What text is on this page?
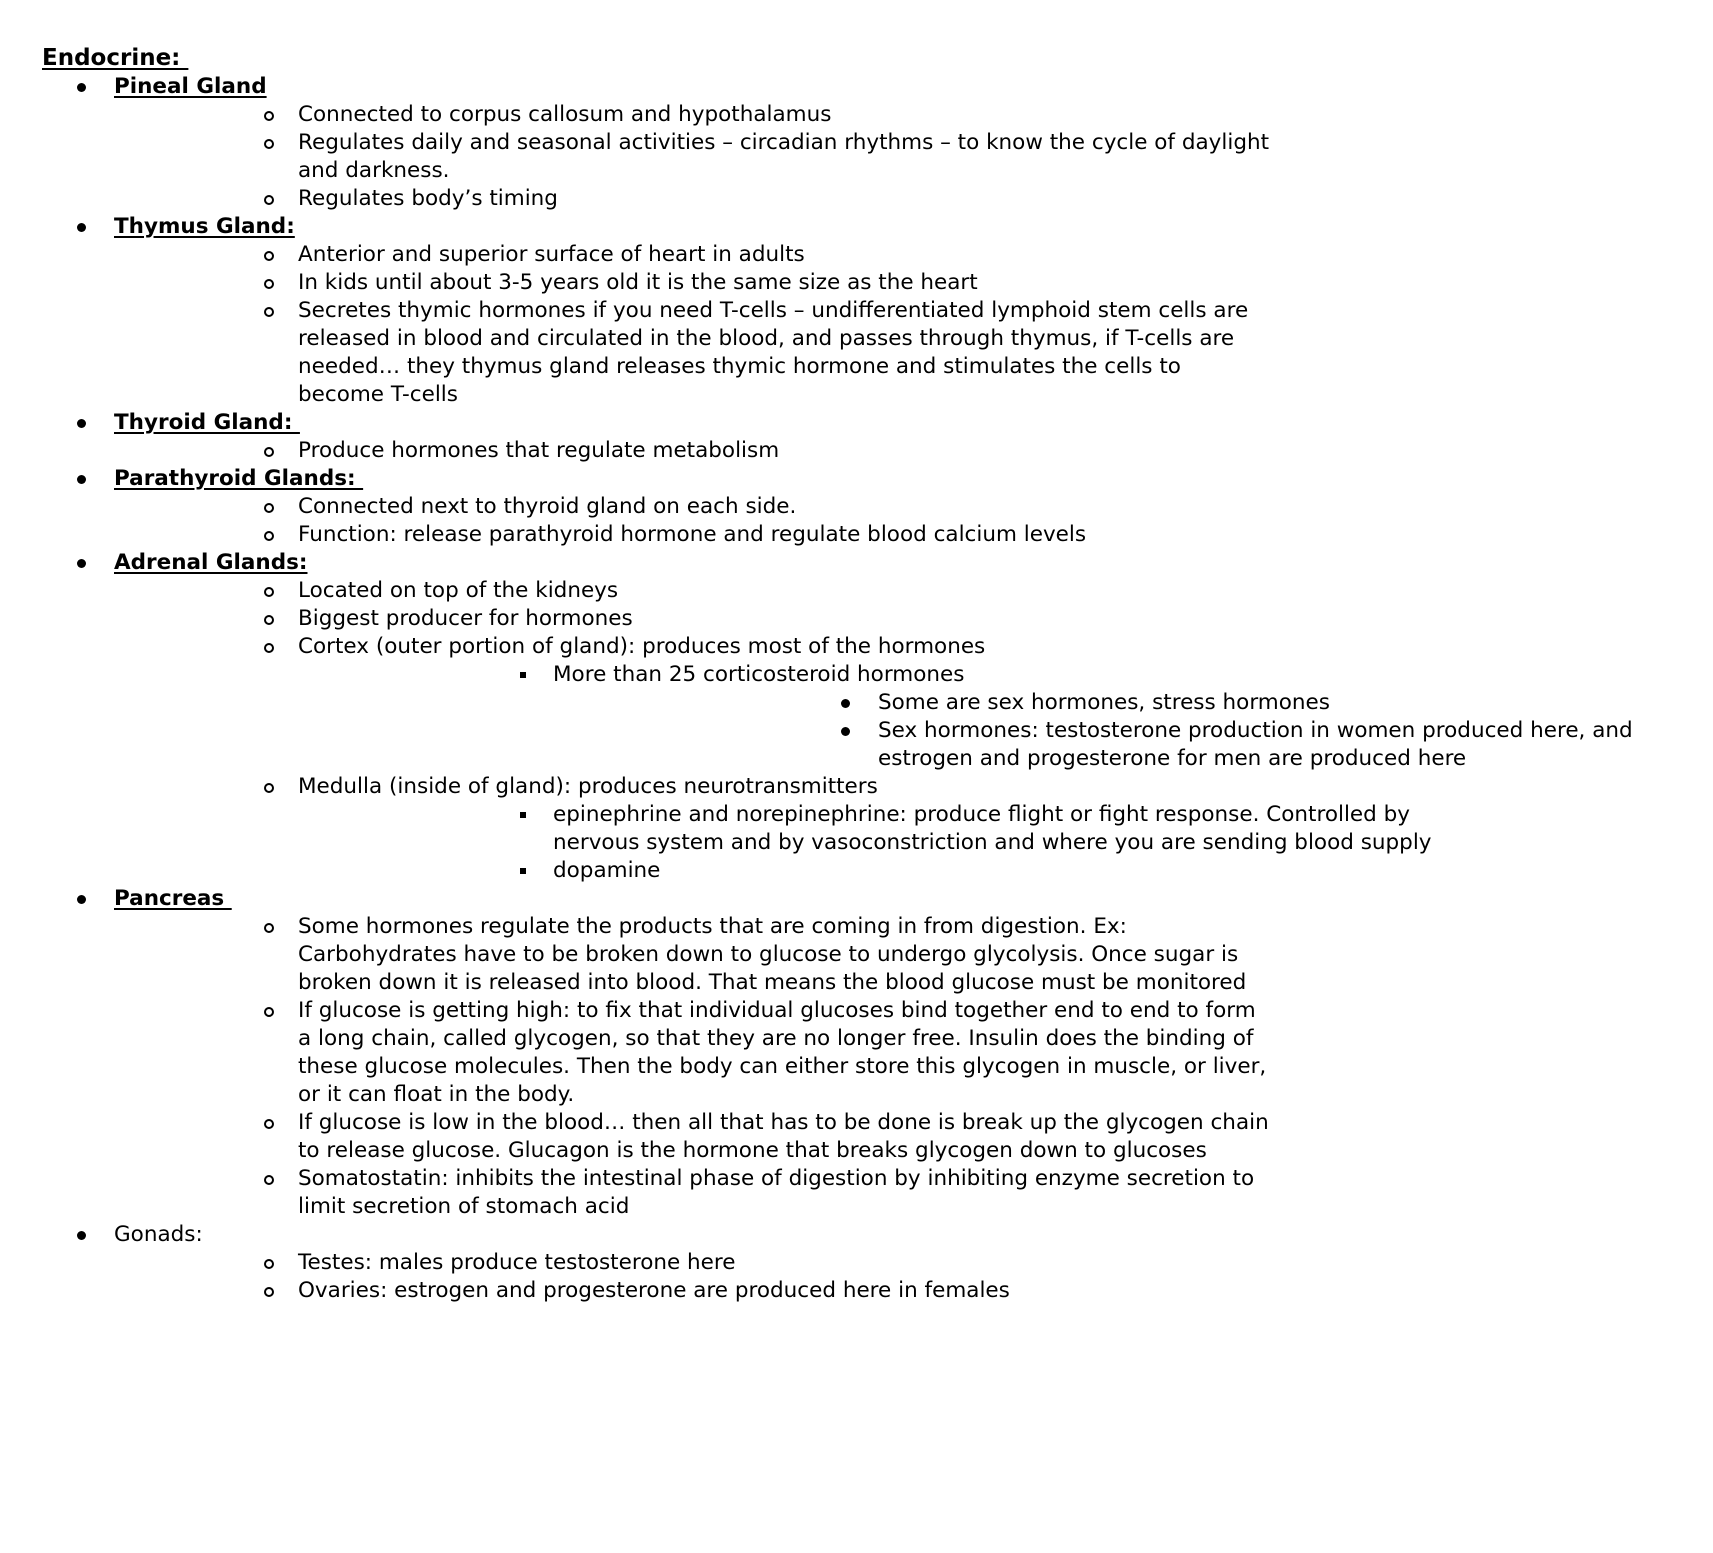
Endocrine:
Pineal Gland
Connected to corpus callosum and hypothalamus
Regulates daily and seasonal activities – circadian rhythms – to know the cycle of daylight and darkness.
Regulates body’s timing
Thymus Gland:
Anterior and superior surface of heart in adults
In kids until about 3-5 years old it is the same size as the heart
Secretes thymic hormones if you need T-cells – undifferentiated lymphoid stem cells are released in blood and circulated in the blood, and passes through thymus, if T-cells are needed… they thymus gland releases thymic hormone and stimulates the cells to become T-cells
Thyroid Gland:
Produce hormones that regulate metabolism
Parathyroid Glands:
Connected next to thyroid gland on each side.
Function: release parathyroid hormone and regulate blood calcium levels
Adrenal Glands:
Located on top of the kidneys
Biggest producer for hormones
Cortex (outer portion of gland): produces most of the hormones
More than 25 corticosteroid hormones
Some are sex hormones, stress hormones
Sex hormones: testosterone production in women produced here, and estrogen and progesterone for men are produced here
Medulla (inside of gland): produces neurotransmitters
epinephrine and norepinephrine: produce flight or fight response. Controlled by nervous system and by vasoconstriction and where you are sending blood supply
dopamine
Pancreas
Some hormones regulate the products that are coming in from digestion. Ex: Carbohydrates have to be broken down to glucose to undergo glycolysis. Once sugar is broken down it is released into blood. That means the blood glucose must be monitored
If glucose is getting high: to fix that individual glucoses bind together end to end to form a long chain, called glycogen, so that they are no longer free. Insulin does the binding of these glucose molecules. Then the body can either store this glycogen in muscle, or liver, or it can float in the body.
If glucose is low in the blood… then all that has to be done is break up the glycogen chain to release glucose. Glucagon is the hormone that breaks glycogen down to glucoses
Somatostatin: inhibits the intestinal phase of digestion by inhibiting enzyme secretion to limit secretion of stomach acid
Gonads:
Testes: males produce testosterone here
Ovaries: estrogen and progesterone are produced here in females
